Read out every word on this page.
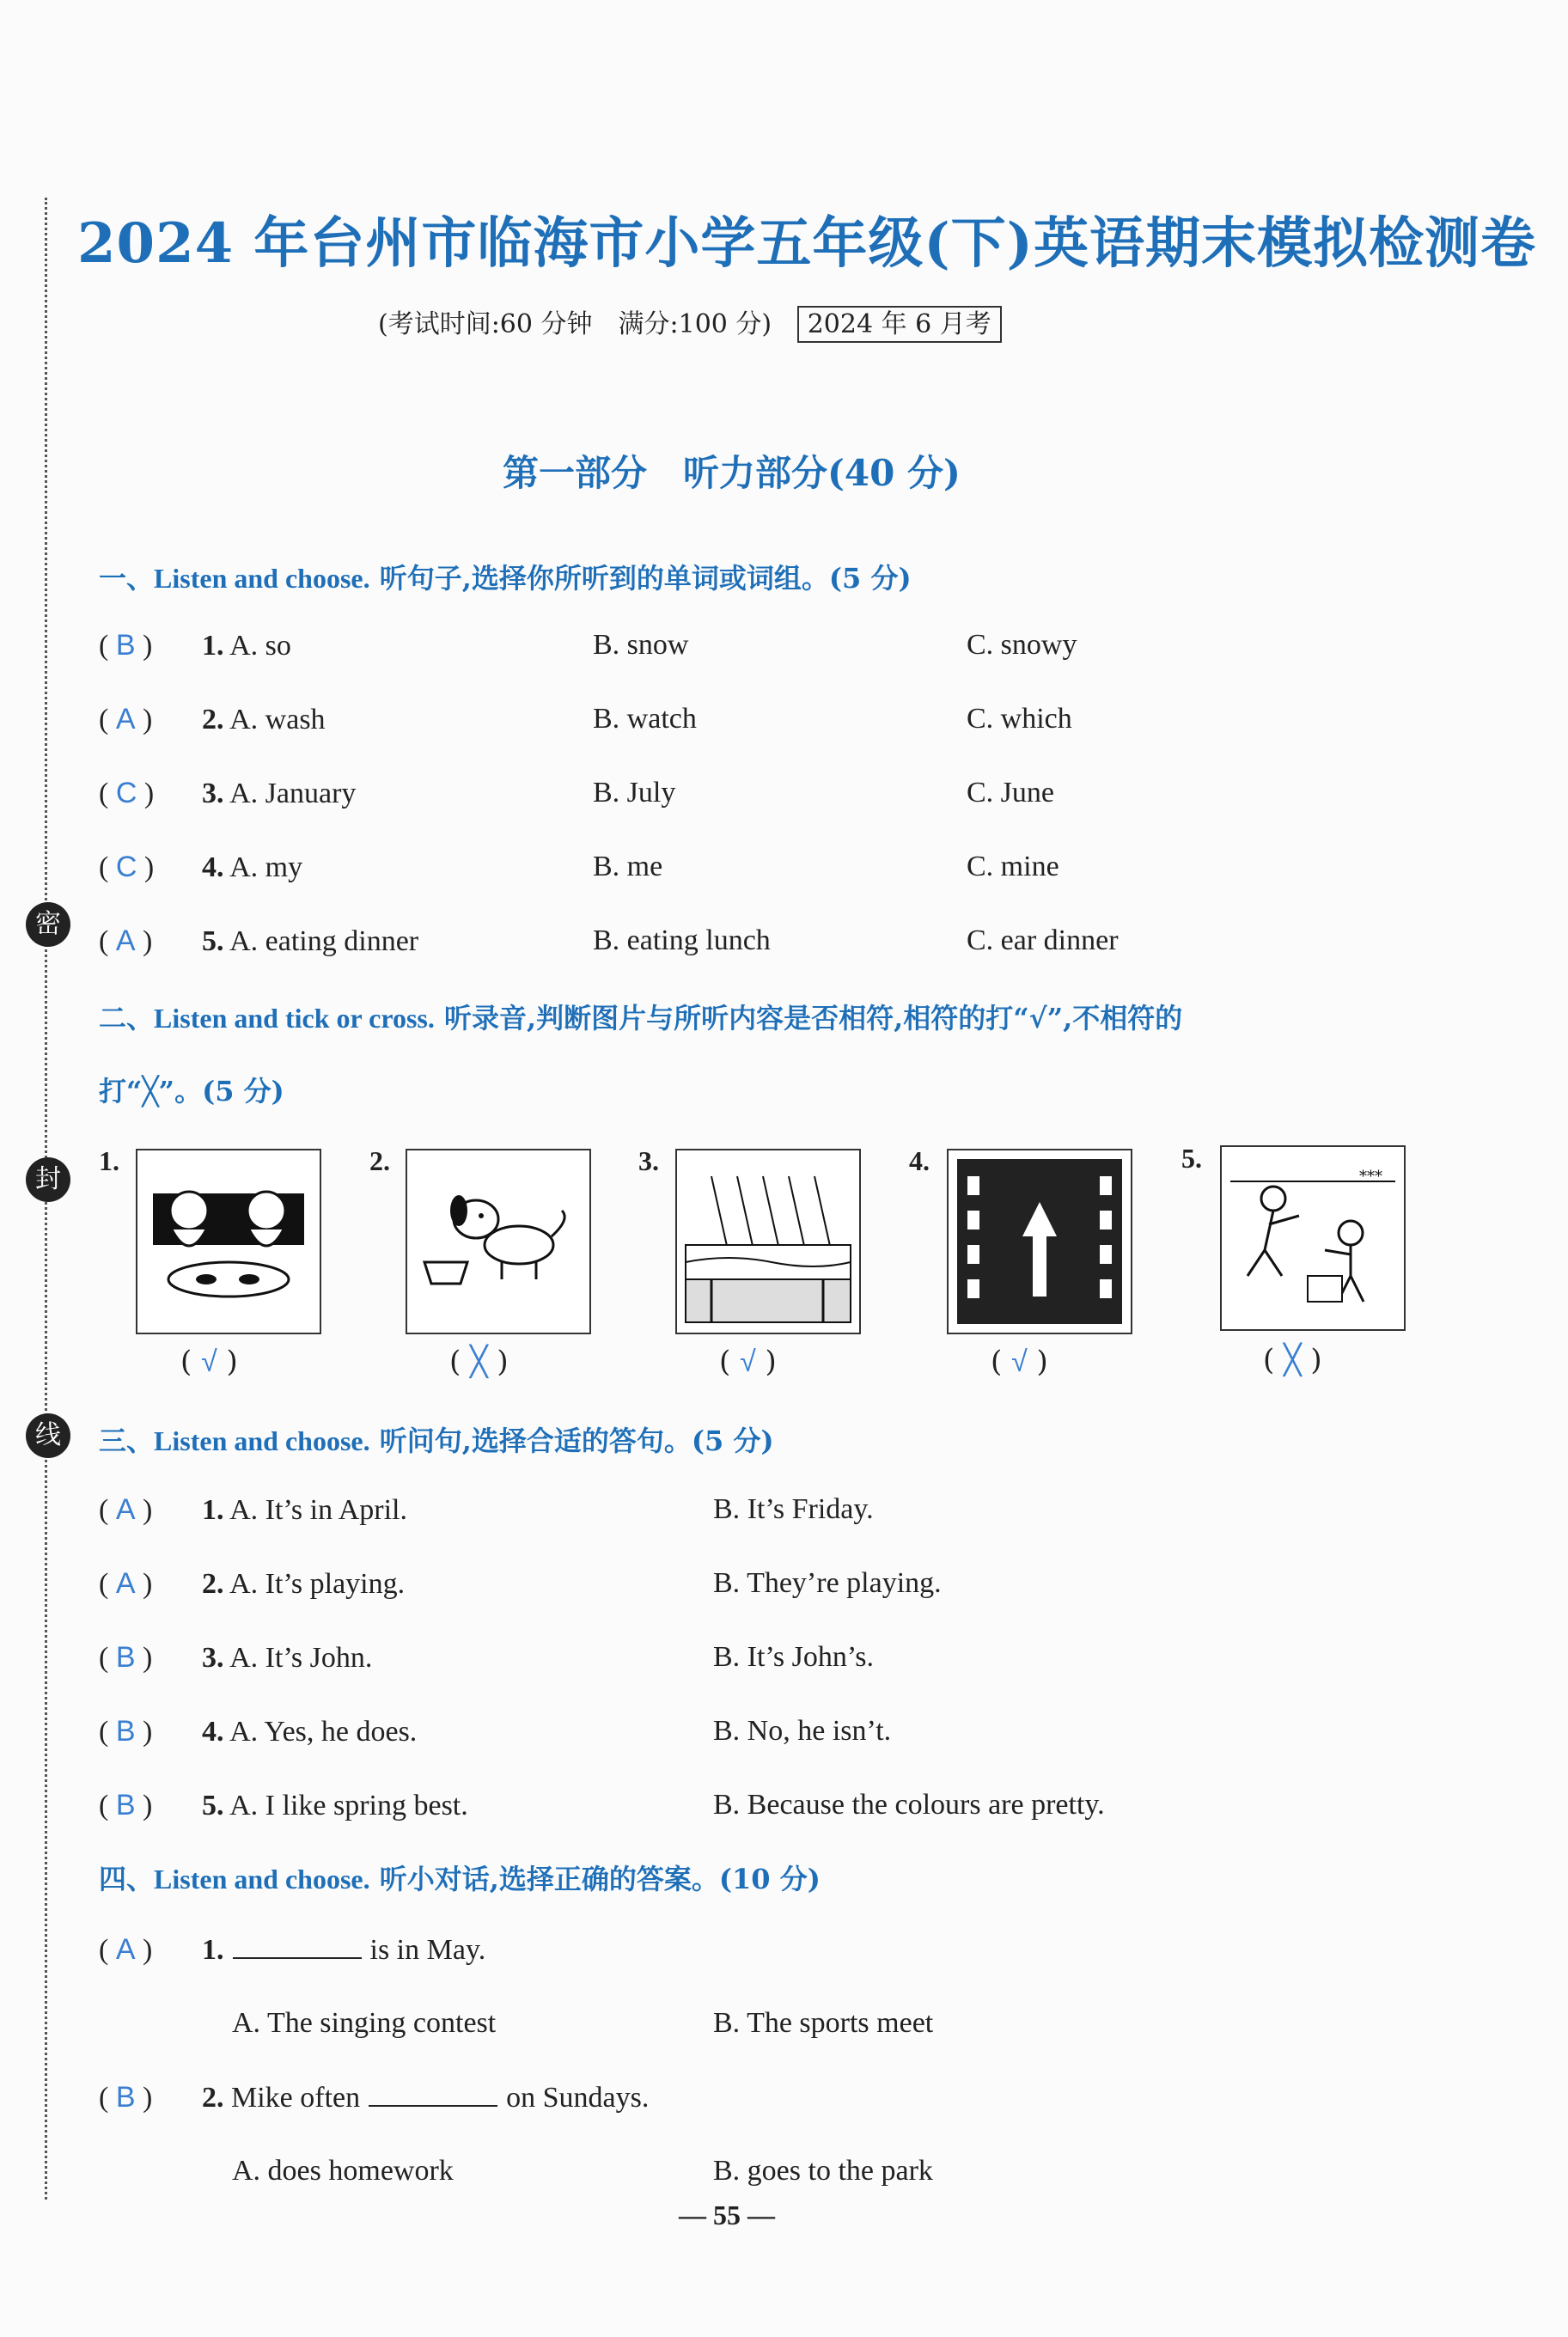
密
封
线
2024 年台州市临海市小学五年级(下)英语期末模拟检测卷
(考试时间:60 分钟　满分:100 分) 2024 年 6 月考
第一部分　听力部分(40 分)
一、Listen and choose. 听句子,选择你所听到的单词或词组。(5 分)
( B ) 1. A. so	B. snow	C. snowy
( A ) 2. A. wash	B. watch	C. which
( C ) 3. A. January	B. July	C. June
( C ) 4. A. my	B. me	C. mine
( A ) 5. A. eating dinner	B. eating lunch	C. ear dinner
二、Listen and tick or cross. 听录音,判断图片与所听内容是否相符,相符的打“√”,不相符的
打“╳”。(5 分)
1.
( √ )
2.
( ╳ )
3.
( √ )
4.
( √ )
5.
***
( ╳ )
三、Listen and choose. 听问句,选择合适的答句。(5 分)
( A ) 1. A. It’s in April.	B. It’s Friday.
( A ) 2. A. It’s playing.	B. They’re playing.
( B ) 3. A. It’s John.	B. It’s John’s.
( B ) 4. A. Yes, he does.	B. No, he isn’t.
( B ) 5. A. I like spring best.	B. Because the colours are pretty.
四、Listen and choose. 听小对话,选择正确的答案。(10 分)
( A ) 1.	is in May.
A. The singing contest	B. The sports meet
( B ) 2. Mike often	on Sundays.
A. does homework	B. goes to the park
— 55 —
